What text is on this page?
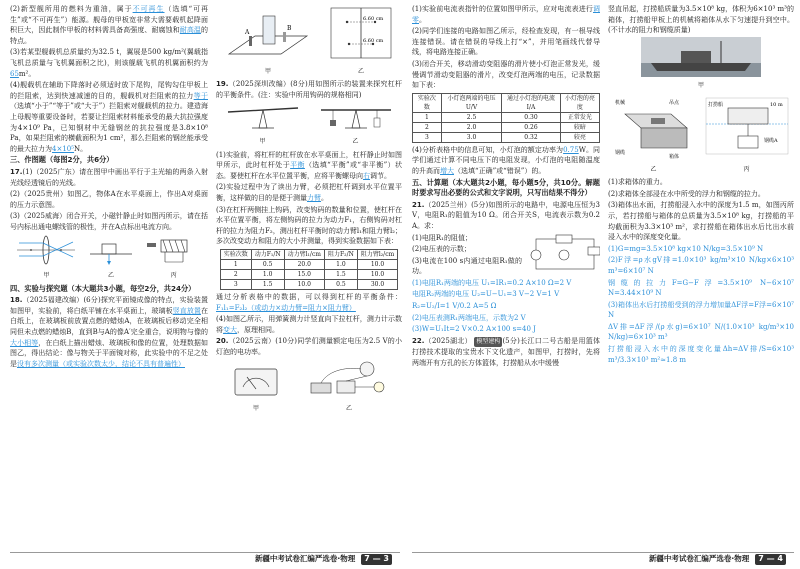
(2)新型舰所用的燃料为重油，属于不可再生（选填“可再生”或“不可再生”）能源。舰母的甲板宽非常大需要载机起降面积巨大，因此制作甲板的材料需具备高强度、耐腐蚀和耐高温的特点。

(3)若某型舰载机总质量约为32.5 t，翼展是500 kg/m²(翼载指飞机总质量与飞机翼面积之比)，则该舰载飞机的机翼面积约为65m²。

(4)舰载机在辅助下降落时必须适时放下尾钩，尾钩勾住甲板上的拦阻索，达到快速减速的目的，舰载机对拦阻索的拉力等于（选填“小于”“等于”或“大于”）拦阻索对舰载机的拉力。建造海上母舰等重要设备时，若要让拦阻索材料能承受的最大抗拉强度为4×10⁹ Pa，已知钢材中无缝钢丝的抗拉强度是3.8×10⁸ Pa，如果拦阻索的横截面积为1 cm²，那么拦阻索的钢丝能承受的最大拉力为4×10⁵N。

三、作图题（每图2分，共6分）

17.(1)（2025广东）请在图甲中画出平行于主光轴的两条入射光线经透镜后的光线。

(2)（2025贵州）如图乙，物体A在水平桌面上，作出A对桌面的压力示意图。

(3)（2025威海）闭合开关，小磁针静止时如图丙所示，请在括号内标出通电螺线管的极性，并在A点标出电流方向。

甲	乙	丙

四、实验与探究题（本大题共3小题，每空2分，共24分）

18.（2025福建改编）(6分)探究平面镜成像的特点，实验装置如图甲，实验前，将白纸平铺在水平桌面上，玻璃板竖直放置在白纸上，在玻璃板前放置点燃的蜡烛A，在玻璃板后移动完全相同但未点燃的蜡烛B，直到B与A的像A′完全重合，说明物与像的大小相等，在白纸上描出蜡烛、玻璃板和像的位置，处理数据如图乙，得出结论：像与物关于平面镜对称，此实验中的不足之处是没有多次测量（或实验次数太少，结论不具有普遍性）

A
B
甲
6.60 cm
6.60 cm
乙

19.（2025深圳改编）(8分)用如图所示的装置来探究杠杆的平衡条件。(注：实验中所用钩码的规格相同)

甲	乙

(1)实验前，将杠杆的杠杆放在水平桌面上，杠杆静止时如图甲所示，此时杠杆处于平衡（选填“平衡”或“非平衡”）状态。要使杠杆在水平位置平衡，应将平衡螺母向右调节。

(2)实验过程中为了读出力臂，必须把杠杆调到水平位置平衡，这样做的目的是便于测量力臂。

(3)在杠杆两侧挂上钩码，改变钩码的数量和位置，使杠杆在水平位置平衡，将左侧钩码的拉力为动力F₁，右侧钩码对杠杆的拉力为阻力F₂，测出杠杆平衡时的动力臂l₁和阻力臂l₂；多次改变动力和阻力的大小并测量，得到实验数据如下表：

实验次数	动力F₁/N	动力臂l₁/cm	阻力F₂/N	阻力臂l₂/cm
1	0.5	20.0	1.0	10.0
2	1.0	15.0	1.5	10.0
3	1.5	10.0	0.5	30.0

通过分析表格中的数据，可以得到杠杆的平衡条件：F₁l₁=F₂l₂（或动力×动力臂=阻力×阻力臂）

(4)如图乙所示，用弹簧测力计竖直向下拉杠杆，测力计示数将变大，原理相同。

20.（2025云南）(10分)同学们测量额定电压为2.5 V的小灯泡的电功率。

甲	乙

(1)实验前电流表指针的位置如图甲所示，应对电流表进行调零。

(2)同学们连接的电路如图乙所示，经检查发现，有一根导线连接错误。请在错误的导线上打“×”，并用笔画线代替导线，将电路连接正确。

(3)闭合开关，移动滑动变阻器的滑片使小灯泡正常发光，缓慢调节滑动变阻器的滑片，改变灯泡两端的电压，记录数据如下表：

实验次数	小灯泡两端的电压U/V	通过小灯泡的电流I/A	小灯泡的亮度
1	2.5	0.30	正常发光
2	2.0	0.26	较暗
3	3.0	0.32	较亮

(4)分析表格中的信息可知，小灯泡的额定功率为0.75W。同学们通过计算不同电压下的电阻发现，小灯泡的电阻随温度的升高而增大（选填“正确”或“错误”）的。

五、计算题（本大题共2小题，每小题5分，共10分。解题时要求写出必要的公式和文字说明，只写出结果不得分）

21.（2025兰州）(5分)如图所示的电路中，电源电压恒为3 V，电阻R₁的阻值为10 Ω。闭合开关S，电流表示数为0.2 A。求：

(1)电阻R₁的阻值；

(2)电压表的示数；

(3)电流在100 s内通过电阻R₁做的功。

(1)电阻R₁两端的电压 U₁=IR₁=0.2 A×10 Ω=2 V

电阻R₂两端的电压 U₂=U−U₁=3 V−2 V=1 V

R₂=U₂/I=1 V/0.2 A=5 Ω

(2)电压表测R₁两端电压，示数为2 V

(3)W=U₁It=2 V×0.2 A×100 s=40 J

22.（2025湖北） 模型建构 (5分)长江口二号古船是用篮体打捞技术提取的宝贵水下文化遗产，如图甲，打捞时，先将两端开有方孔的长方体篮体，打捞船从水中缓慢

竖直吊起，打捞船质量为3.5×10⁸ kg，体积为6×10³ m³的箱体，打捞船甲板上的机械将箱体从水下匀速提升到空中。(不计水的阻力和钢缆质量)

甲
机械	吊点
钢缆
箱体
乙
打捞船
钢缆A
10 m
丙

(1)求箱体的重力。

(2)求箱体全部浸在水中所受的浮力和钢缆的拉力。

(3)箱体出水面，打捞船浸入水中的深度为1.5 m，如图丙所示，若打捞船与箱体的总质量为3.5×10⁸ kg，打捞船的平均截面积为3.3×10³ m²，求打捞船在箱体出水后比出水前浸入水中的深度变化量。

(1)G=mg=3.5×10⁸ kg×10 N/kg=3.5×10⁹ N

(2)F浮=ρ水gV排=1.0×10³ kg/m³×10 N/kg×6×10³ m³=6×10⁷ N

钢缆的拉力F=G−F浮=3.5×10⁹ N−6×10⁷ N=3.44×10⁹ N

(3)箱体出水后打捞船受到的浮力增加量ΔF浮=F浮=6×10⁷ N

ΔV排=ΔF浮/(ρ水g)=6×10⁷ N/(1.0×10³ kg/m³×10 N/kg)=6×10³ m³

打捞船浸入水中的深度变化量Δh=ΔV排/S=6×10³ m³/3.3×10³ m²≈1.8 m

新疆中考试卷汇编严选卷·物理	7 — 3	新疆中考试卷汇编严选卷·物理	7 — 4
